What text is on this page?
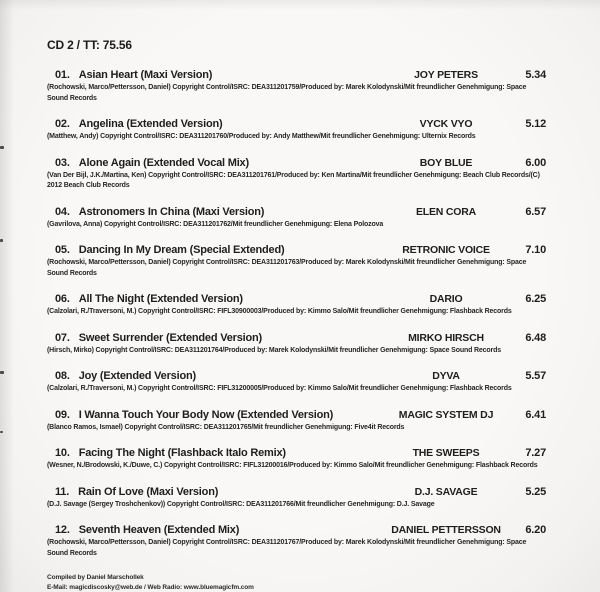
CD 2 / TT: 75.56
01. Asian Heart (Maxi Version)	JOY PETERS	5.34
(Rochowski, Marco/Pettersson, Daniel) Copyright Control/ISRC: DEA311201759/Produced by: Marek Kolodynski/Mit freundlicher Genehmigung: Space Sound Records
02. Angelina (Extended Version)	VYCK VYO	5.12
(Matthew, Andy) Copyright Control/ISRC: DEA311201760/Produced by: Andy Matthew/Mit freundlicher Genehmigung: Ulternix Records
03. Alone Again (Extended Vocal Mix)	BOY BLUE	6.00
(Van Der Bijl, J.K./Martina, Ken) Copyright Control/ISRC: DEA311201761/Produced by: Ken Martina/Mit freundlicher Genehmigung: Beach Club Records/(C) 2012 Beach Club Records
04. Astronomers In China (Maxi Version)	ELEN CORA	6.57
(Gavrilova, Anna) Copyright Control/ISRC: DEA311201762/Mit freundlicher Genehmigung: Elena Polozova
05. Dancing In My Dream (Special Extended)	RETRONIC VOICE	7.10
(Rochowski, Marco/Pettersson, Daniel) Copyright Control/ISRC: DEA311201763/Produced by: Marek Kolodynski/Mit freundlicher Genehmigung: Space Sound Records
06. All The Night (Extended Version)	DARIO	6.25
(Calzolari, R./Traversoni, M.) Copyright Control/ISRC: FIFL30900003/Produced by: Kimmo Salo/Mit freundlicher Genehmigung: Flashback Records
07. Sweet Surrender (Extended Version)	MIRKO HIRSCH	6.48
(Hirsch, Mirko) Copyright Control/ISRC: DEA311201764/Produced by: Marek Kolodynski/Mit freundlicher Genehmigung: Space Sound Records
08. Joy (Extended Version)	DYVA	5.57
(Calzolari, R./Traversoni, M.) Copyright Control/ISRC: FIFL31200005/Produced by: Kimmo Salo/Mit freundlicher Genehmigung: Flashback Records
09. I Wanna Touch Your Body Now (Extended Version)	MAGIC SYSTEM DJ	6.41
(Blanco Ramos, Ismael) Copyright Control/ISRC: DEA311201765/Mit freundlicher Genehmigung: Five4it Records
10. Facing The Night (Flashback Italo Remix)	THE SWEEPS	7.27
(Wesner, N./Brodowski, K./Duwe, C.) Copyright Control/ISRC: FIFL31200016/Produced by: Kimmo Salo/Mit freundlicher Genehmigung: Flashback Records
11. Rain Of Love (Maxi Version)	D.J. SAVAGE	5.25
(D.J. Savage (Sergey Troshchenkov)) Copyright Control/ISRC: DEA311201766/Mit freundlicher Genehmigung: D.J. Savage
12. Seventh Heaven (Extended Mix)	DANIEL PETTERSSON	6.20
(Rochowski, Marco/Pettersson, Daniel) Copyright Control/ISRC: DEA311201767/Produced by: Marek Kolodynski/Mit freundlicher Genehmigung: Space Sound Records
Compiled by Daniel Marschollek
E-Mail: magicdiscosky@web.de / Web Radio: www.bluemagicfm.com
